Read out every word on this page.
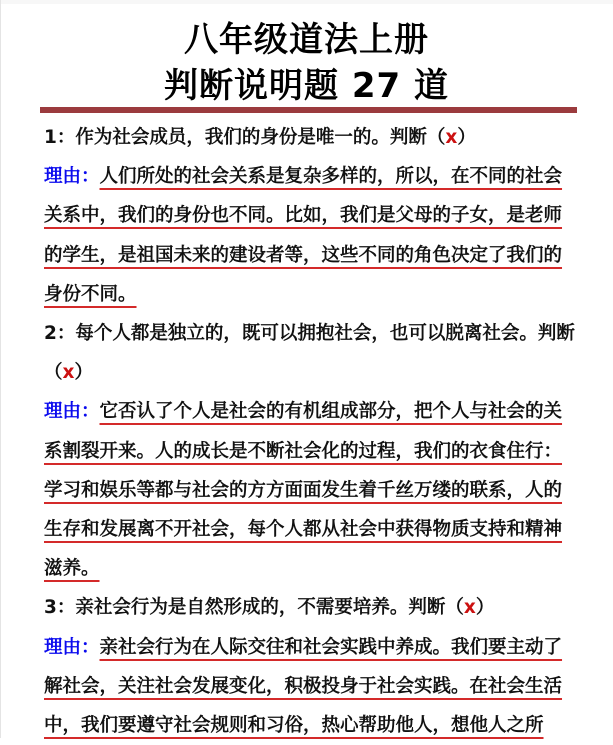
八年级道法上册
判断说明题 27 道

1：作为社会成员，我们的身份是唯一的。判断（x）

理由：人们所处的社会关系是复杂多样的，所以，在不同的社会关系中，我们的身份也不同。比如，我们是父母的子女，是老师的学生，是祖国未来的建设者等，这些不同的角色决定了我们的身份不同。

2：每个人都是独立的，既可以拥抱社会，也可以脱离社会。判断（x）

理由：它否认了个人是社会的有机组成部分，把个人与社会的关系割裂开来。人的成长是不断社会化的过程，我们的衣食住行：学习和娱乐等都与社会的方方面面发生着千丝万缕的联系，人的生存和发展离不开社会，每个人都从社会中获得物质支持和精神滋养。

3：亲社会行为是自然形成的，不需要培养。判断（x）

理由：亲社会行为在人际交往和社会实践中养成。我们要主动了解社会，关注社会发展变化，积极投身于社会实践。在社会生活中，我们要遵守社会规则和习俗，热心帮助他人，想他人之所
